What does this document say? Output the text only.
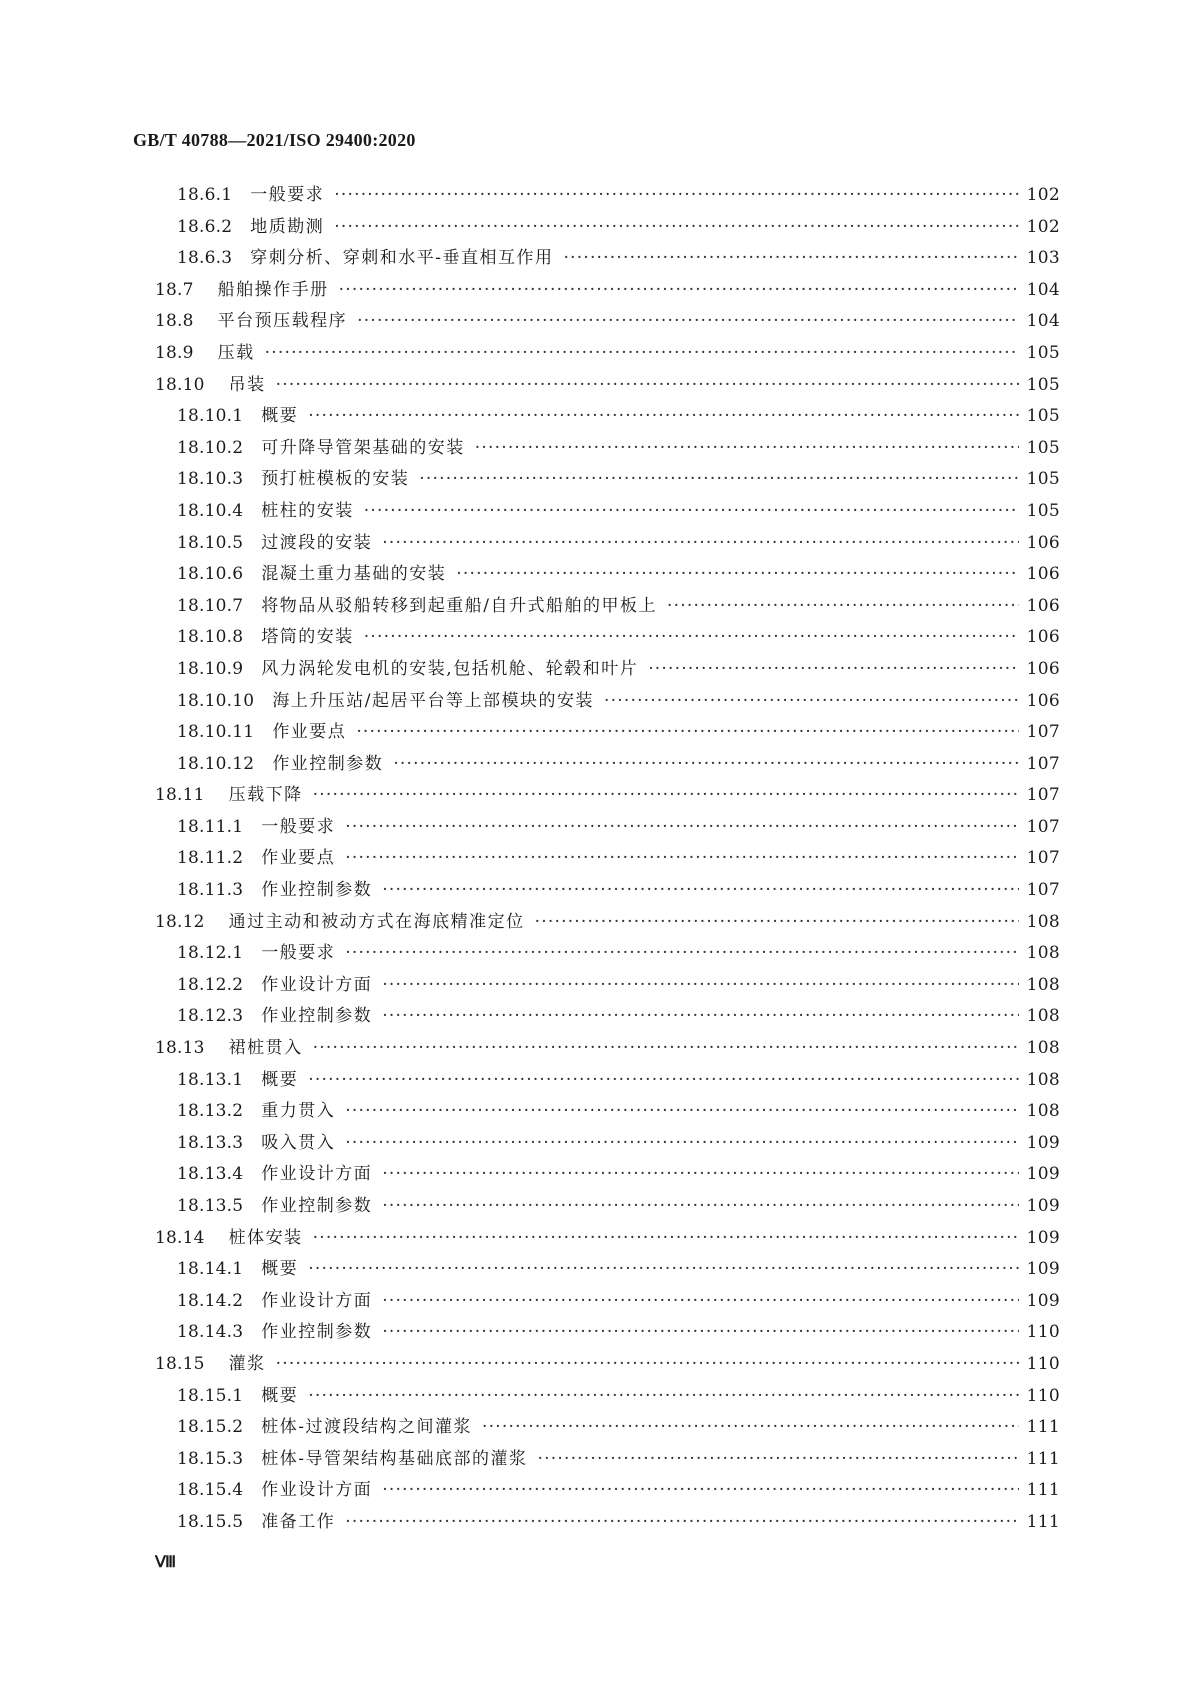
GB/T 40788—2021/ISO 29400:2020
18.6.1 一般要求 ·····	102
18.6.2 地质勘测 ·····	102
18.6.3 穿刺分析、穿刺和水平-垂直相互作用 ·····	103
18.7 船舶操作手册 ·····	104
18.8 平台预压载程序 ·····	104
18.9 压载 ·····	105
18.10 吊装 ·····	105
18.10.1 概要 ·····	105
18.10.2 可升降导管架基础的安装 ·····	105
18.10.3 预打桩模板的安装 ·····	105
18.10.4 桩柱的安装 ·····	105
18.10.5 过渡段的安装 ·····	106
18.10.6 混凝土重力基础的安装 ·····	106
18.10.7 将物品从驳船转移到起重船/自升式船舶的甲板上 ·····	106
18.10.8 塔筒的安装 ·····	106
18.10.9 风力涡轮发电机的安装,包括机舱、轮毂和叶片 ·····	106
18.10.10 海上升压站/起居平台等上部模块的安装 ·····	106
18.10.11 作业要点 ·····	107
18.10.12 作业控制参数 ·····	107
18.11 压载下降 ·····	107
18.11.1 一般要求 ·····	107
18.11.2 作业要点 ·····	107
18.11.3 作业控制参数 ·····	107
18.12 通过主动和被动方式在海底精准定位 ·····	108
18.12.1 一般要求 ·····	108
18.12.2 作业设计方面 ·····	108
18.12.3 作业控制参数 ·····	108
18.13 裙桩贯入 ·····	108
18.13.1 概要 ·····	108
18.13.2 重力贯入 ·····	108
18.13.3 吸入贯入 ·····	109
18.13.4 作业设计方面 ·····	109
18.13.5 作业控制参数 ·····	109
18.14 桩体安装 ·····	109
18.14.1 概要 ·····	109
18.14.2 作业设计方面 ·····	109
18.14.3 作业控制参数 ·····	110
18.15 灌浆 ·····	110
18.15.1 概要 ·····	110
18.15.2 桩体-过渡段结构之间灌浆 ·····	111
18.15.3 桩体-导管架结构基础底部的灌浆 ·····	111
18.15.4 作业设计方面 ·····	111
18.15.5 准备工作 ·····	111
Ⅷ
